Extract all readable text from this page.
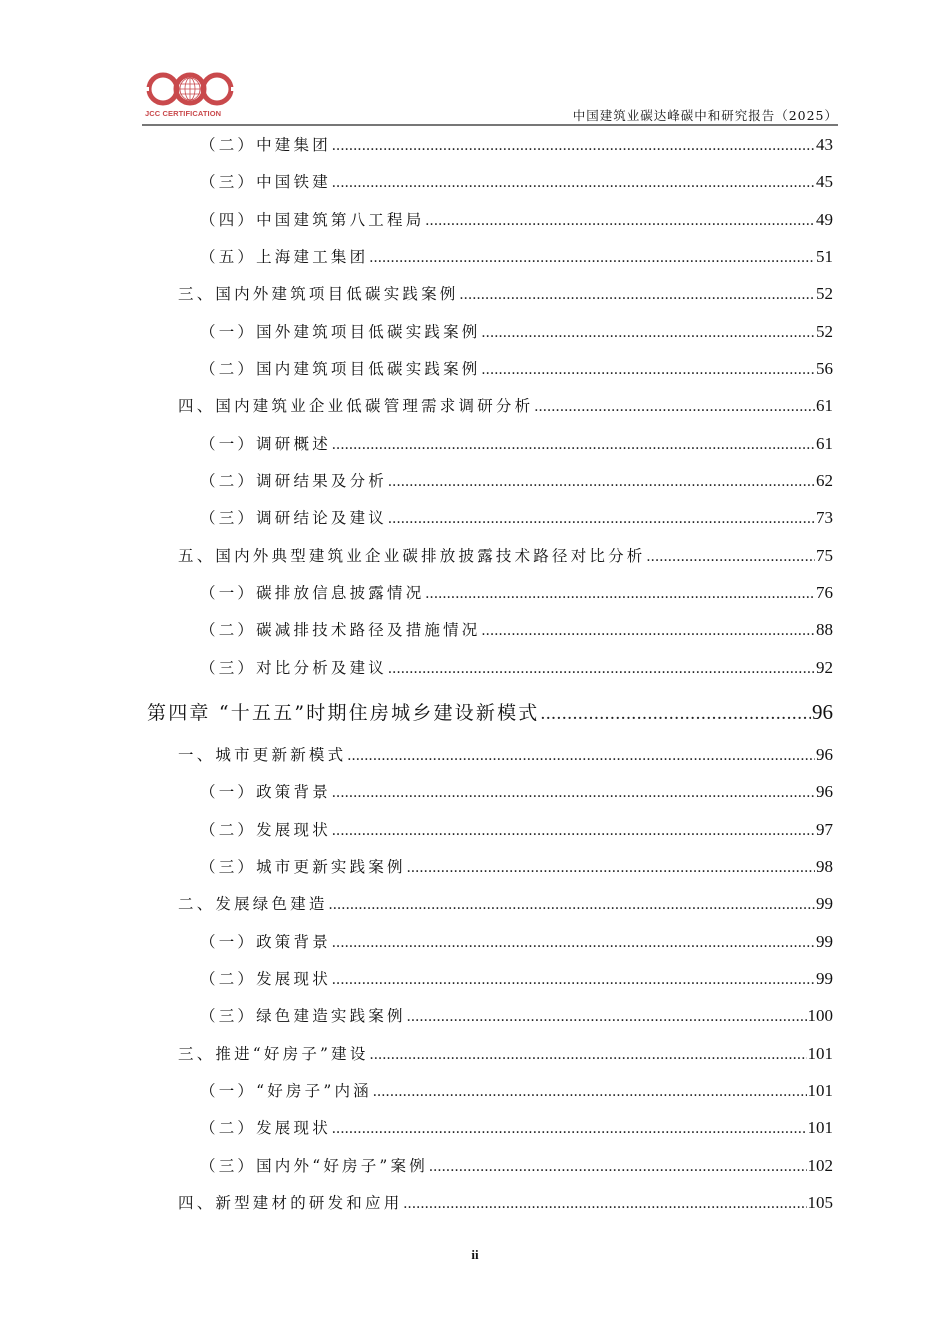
JCC CERTIFICATION	中国建筑业碳达峰碳中和研究报告（2025）
（二）中建集团 .....	43
（三）中国铁建 .....	45
（四）中国建筑第八工程局 .....	49
（五）上海建工集团 .....	51
三、国内外建筑项目低碳实践案例 .....	52
（一）国外建筑项目低碳实践案例 .....	52
（二）国内建筑项目低碳实践案例 .....	56
四、国内建筑业企业低碳管理需求调研分析 .....	61
（一）调研概述 .....	61
（二）调研结果及分析 .....	62
（三）调研结论及建议 .....	73
五、国内外典型建筑业企业碳排放披露技术路径对比分析 .....	75
（一）碳排放信息披露情况 .....	76
（二）碳减排技术路径及措施情况 .....	88
（三）对比分析及建议 .....	92
第四章 “十五五”时期住房城乡建设新模式 .....	96
一、城市更新新模式 .....	96
（一）政策背景 .....	96
（二）发展现状 .....	97
（三）城市更新实践案例 .....	98
二、发展绿色建造 .....	99
（一）政策背景 .....	99
（二）发展现状 .....	99
（三）绿色建造实践案例 .....	100
三、推进“好房子”建设 .....	101
（一）“好房子”内涵 .....	101
（二）发展现状 .....	101
（三）国内外“好房子”案例 .....	102
四、新型建材的研发和应用 .....	105
ii
